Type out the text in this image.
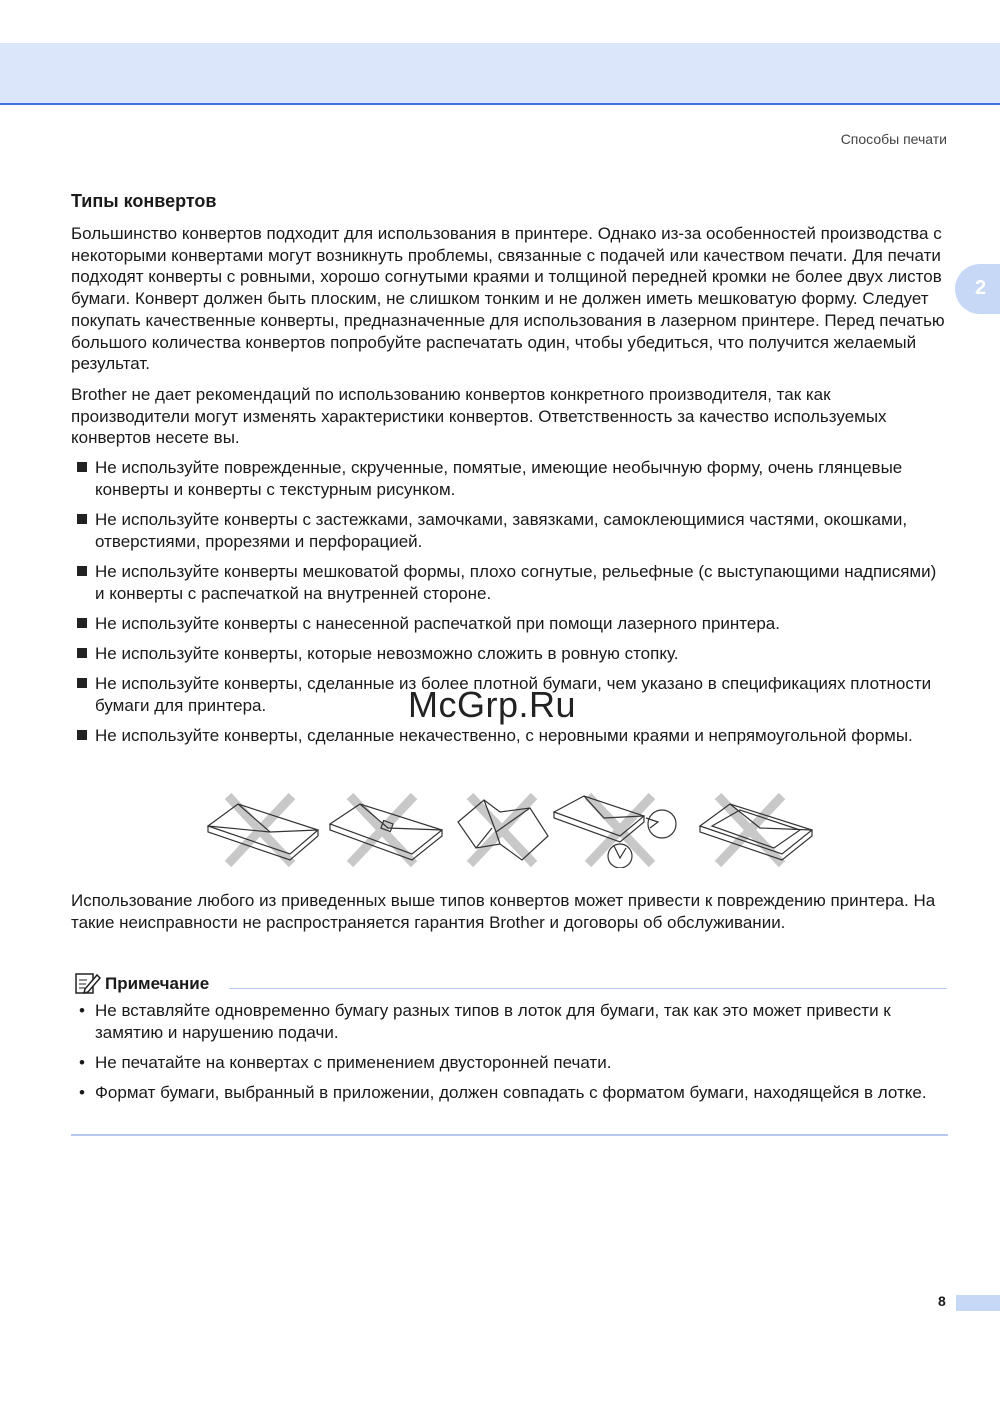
Способы печати
2
Типы конвертов

Большинство конвертов подходит для использования в принтере. Однако из-за особенностей производства с некоторыми конвертами могут возникнуть проблемы, связанные с подачей или качеством печати. Для печати подходят конверты с ровными, хорошо согнутыми краями и толщиной передней кромки не более двух листов бумаги. Конверт должен быть плоским, не слишком тонким и не должен иметь мешковатую форму. Следует покупать качественные конверты, предназначенные для использования в лазерном принтере. Перед печатью большого количества конвертов попробуйте распечатать один, чтобы убедиться, что получится желаемый результат.

Brother не дает рекомендаций по использованию конвертов конкретного производителя, так как производители могут изменять характеристики конвертов. Ответственность за качество используемых конвертов несете вы.

Не используйте поврежденные, скрученные, помятые, имеющие необычную форму, очень глянцевые конверты и конверты с текстурным рисунком.
Не используйте конверты с застежками, замочками, завязками, самоклеющимися частями, окошками, отверстиями, прорезями и перфорацией.
Не используйте конверты мешковатой формы, плохо согнутые, рельефные (с выступающими надписями) и конверты с распечаткой на внутренней стороне.
Не используйте конверты с нанесенной распечаткой при помощи лазерного принтера.
Не используйте конверты, которые невозможно сложить в ровную стопку.
Не используйте конверты, сделанные из более плотной бумаги, чем указано в спецификациях плотности бумаги для принтера.
Не используйте конверты, сделанные некачественно, с неровными краями и непрямоугольной формы.

Использование любого из приведенных выше типов конвертов может привести к повреждению принтера. На такие неисправности не распространяется гарантия Brother и договоры об обслуживании.

McGrp.Ru
Примечание
• Не вставляйте одновременно бумагу разных типов в лоток для бумаги, так как это может привести к замятию и нарушению подачи.
• Не печатайте на конвертах с применением двусторонней печати.
• Формат бумаги, выбранный в приложении, должен совпадать с форматом бумаги, находящейся в лотке.
8
